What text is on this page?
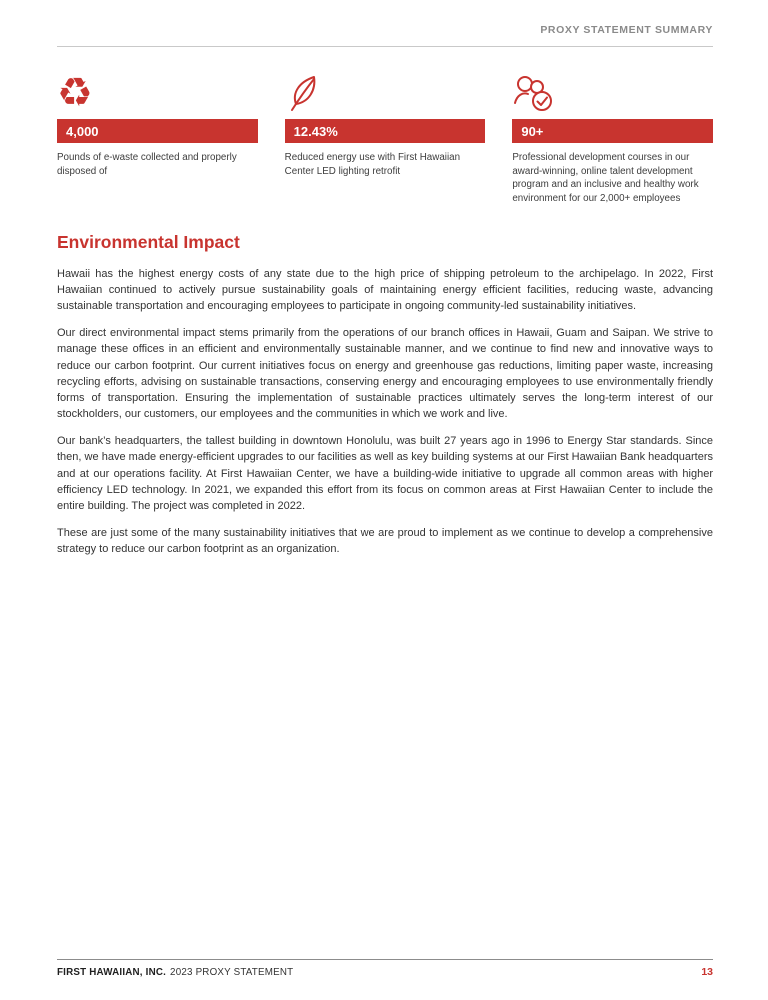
PROXY STATEMENT SUMMARY
♻
4,000
Pounds of e-waste collected and properly disposed of
12.43%
Reduced energy use with First Hawaiian Center LED lighting retrofit
90+
Professional development courses in our award-winning, online talent development program and an inclusive and healthy work environment for our 2,000+ employees
Environmental Impact

Hawaii has the highest energy costs of any state due to the high price of shipping petroleum to the archipelago. In 2022, First Hawaiian continued to actively pursue sustainability goals of maintaining energy efficient facilities, reducing waste, advancing sustainable transportation and encouraging employees to participate in ongoing community-led sustainability initiatives.

Our direct environmental impact stems primarily from the operations of our branch offices in Hawaii, Guam and Saipan. We strive to manage these offices in an efficient and environmentally sustainable manner, and we continue to find new and innovative ways to reduce our carbon footprint. Our current initiatives focus on energy and greenhouse gas reductions, limiting paper waste, increasing recycling efforts, advising on sustainable transactions, conserving energy and encouraging employees to use environmentally friendly forms of transportation. Ensuring the implementation of sustainable practices ultimately serves the long-term interest of our stockholders, our customers, our employees and the communities in which we work and live.

Our bank’s headquarters, the tallest building in downtown Honolulu, was built 27 years ago in 1996 to Energy Star standards. Since then, we have made energy-efficient upgrades to our facilities as well as key building systems at our First Hawaiian Bank headquarters and at our operations facility. At First Hawaiian Center, we have a building-wide initiative to upgrade all common areas with higher efficiency LED technology. In 2021, we expanded this effort from its focus on common areas at First Hawaiian Center to include the entire building. The project was completed in 2022.

These are just some of the many sustainability initiatives that we are proud to implement as we continue to develop a comprehensive strategy to reduce our carbon footprint as an organization.

FIRST HAWAIIAN, INC. 2023 PROXY STATEMENT	13
